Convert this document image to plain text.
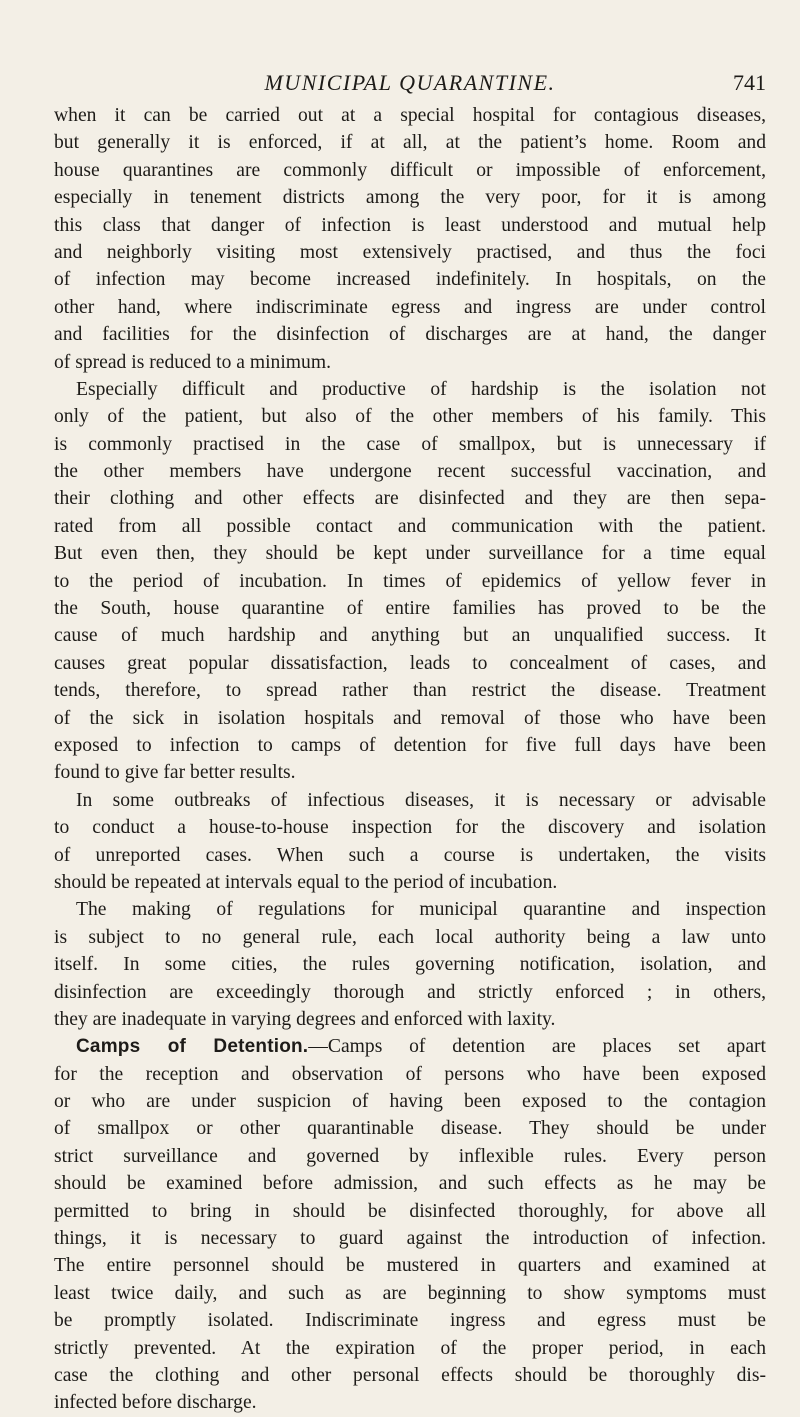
MUNICIPAL QUARANTINE.	741
when it can be carried out at a special hospital for contagious diseases,
but generally it is enforced, if at all, at the patient’s home. Room and
house quarantines are commonly difficult or impossible of enforcement,
especially in tenement districts among the very poor, for it is among
this class that danger of infection is least understood and mutual help
and neighborly visiting most extensively practised, and thus the foci
of infection may become increased indefinitely. In hospitals, on the
other hand, where indiscriminate egress and ingress are under control
and facilities for the disinfection of discharges are at hand, the danger
of spread is reduced to a minimum.
Especially difficult and productive of hardship is the isolation not
only of the patient, but also of the other members of his family. This
is commonly practised in the case of smallpox, but is unnecessary if
the other members have undergone recent successful vaccination, and
their clothing and other effects are disinfected and they are then sepa-
rated from all possible contact and communication with the patient.
But even then, they should be kept under surveillance for a time equal
to the period of incubation. In times of epidemics of yellow fever in
the South, house quarantine of entire families has proved to be the
cause of much hardship and anything but an unqualified success. It
causes great popular dissatisfaction, leads to concealment of cases, and
tends, therefore, to spread rather than restrict the disease. Treatment
of the sick in isolation hospitals and removal of those who have been
exposed to infection to camps of detention for five full days have been
found to give far better results.
In some outbreaks of infectious diseases, it is necessary or advisable
to conduct a house-to-house inspection for the discovery and isolation
of unreported cases. When such a course is undertaken, the visits
should be repeated at intervals equal to the period of incubation.
The making of regulations for municipal quarantine and inspection
is subject to no general rule, each local authority being a law unto
itself. In some cities, the rules governing notification, isolation, and
disinfection are exceedingly thorough and strictly enforced ; in others,
they are inadequate in varying degrees and enforced with laxity.
Camps of Detention.—Camps of detention are places set apart
for the reception and observation of persons who have been exposed
or who are under suspicion of having been exposed to the contagion
of smallpox or other quarantinable disease. They should be under
strict surveillance and governed by inflexible rules. Every person
should be examined before admission, and such effects as he may be
permitted to bring in should be disinfected thoroughly, for above all
things, it is necessary to guard against the introduction of infection.
The entire personnel should be mustered in quarters and examined at
least twice daily, and such as are beginning to show symptoms must
be promptly isolated. Indiscriminate ingress and egress must be
strictly prevented. At the expiration of the proper period, in each
case the clothing and other personal effects should be thoroughly dis-
infected before discharge.
